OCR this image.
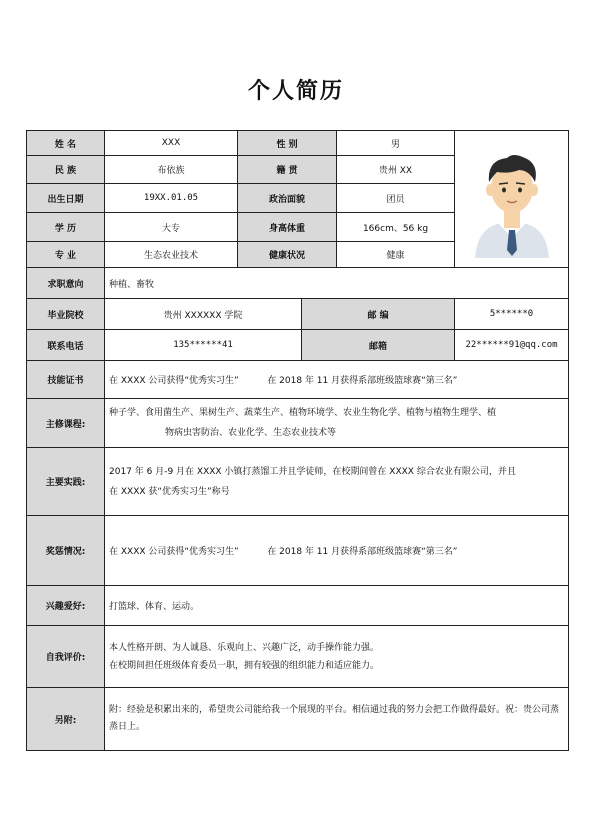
个人简历
姓 名	XXX	性 别		男	
民 族	布依族	籍 贯		贵州 XX	
出生日期	19XX.01.05	政治面貌		团员	
学 历	大专	身高体重		166cm、56 kg	
专 业	生态农业技术	健康状况		健康	
求职意向	种植、畜牧				
毕业院校	贵州 XXXXXX 学院		邮 编		5******0
联系电话	135******41		邮箱		22******91@qq.com
技能证书	在 XXXX 公司获得“优秀实习生”          在 2018 年 11 月获得系部班级篮球赛“第三名”				
主修课程:	种子学、食用菌生产、果树生产、蔬菜生产、植物环境学、农业生物化学、植物与植物生理学、植
物病虫害防治、农业化学、生态农业技术等				

主要实践:	2017 年 6 月-9 月在 XXXX 小镇打蒸馏工并且学徒师，在校期间曾在 XXXX 综合农业有限公司，并且
在 XXXX 获“优秀实习生”称号				

奖惩情况:	在 XXXX 公司获得“优秀实习生”          在 2018 年 11 月获得系部班级篮球赛“第三名”				
兴趣爱好:	打篮球、体育、运动。				
自我评价:	本人性格开朗、为人诚恳、乐观向上、兴趣广泛，动手操作能力强。
在校期间担任班级体育委员一职，拥有较强的组织能力和适应能力。				

另附:	附：经验是积累出来的，希望贵公司能给我一个展现的平台。相信通过我的努力会把工作做得最好。祝：贵公司蒸蒸日上。				
